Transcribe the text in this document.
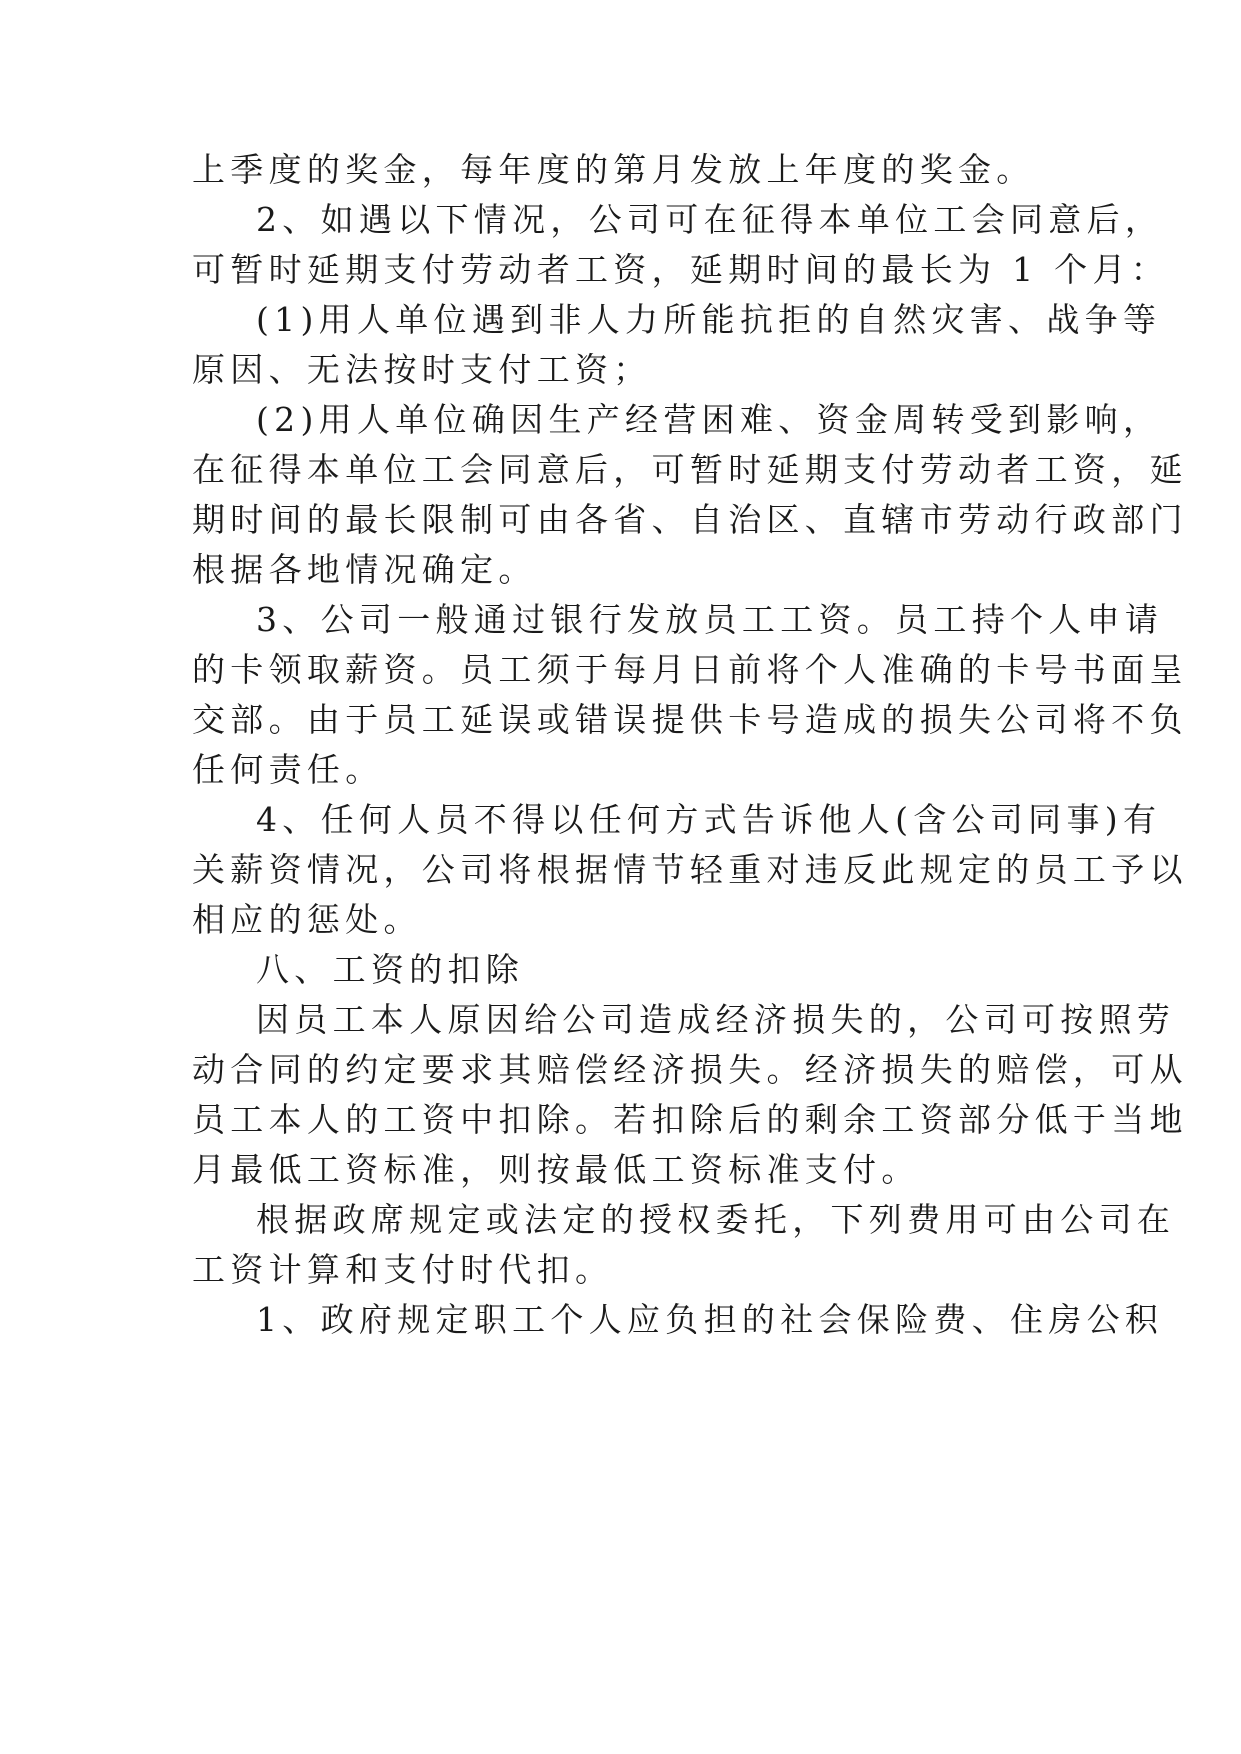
上季度的奖金，每年度的第月发放上年度的奖金。
2、如遇以下情况，公司可在征得本单位工会同意后，
可暂时延期支付劳动者工资，延期时间的最长为 1 个月：
(1)用人单位遇到非人力所能抗拒的自然灾害、战争等
原因、无法按时支付工资；
(2)用人单位确因生产经营困难、资金周转受到影响，
在征得本单位工会同意后，可暂时延期支付劳动者工资，延
期时间的最长限制可由各省、自治区、直辖市劳动行政部门
根据各地情况确定。
3、公司一般通过银行发放员工工资。员工持个人申请
的卡领取薪资。员工须于每月日前将个人准确的卡号书面呈
交部。由于员工延误或错误提供卡号造成的损失公司将不负
任何责任。
4、任何人员不得以任何方式告诉他人(含公司同事)有
关薪资情况，公司将根据情节轻重对违反此规定的员工予以
相应的惩处。
八、工资的扣除
因员工本人原因给公司造成经济损失的，公司可按照劳
动合同的约定要求其赔偿经济损失。经济损失的赔偿，可从
员工本人的工资中扣除。若扣除后的剩余工资部分低于当地
月最低工资标准，则按最低工资标准支付。
根据政席规定或法定的授权委托，下列费用可由公司在
工资计算和支付时代扣。
1、政府规定职工个人应负担的社会保险费、住房公积
